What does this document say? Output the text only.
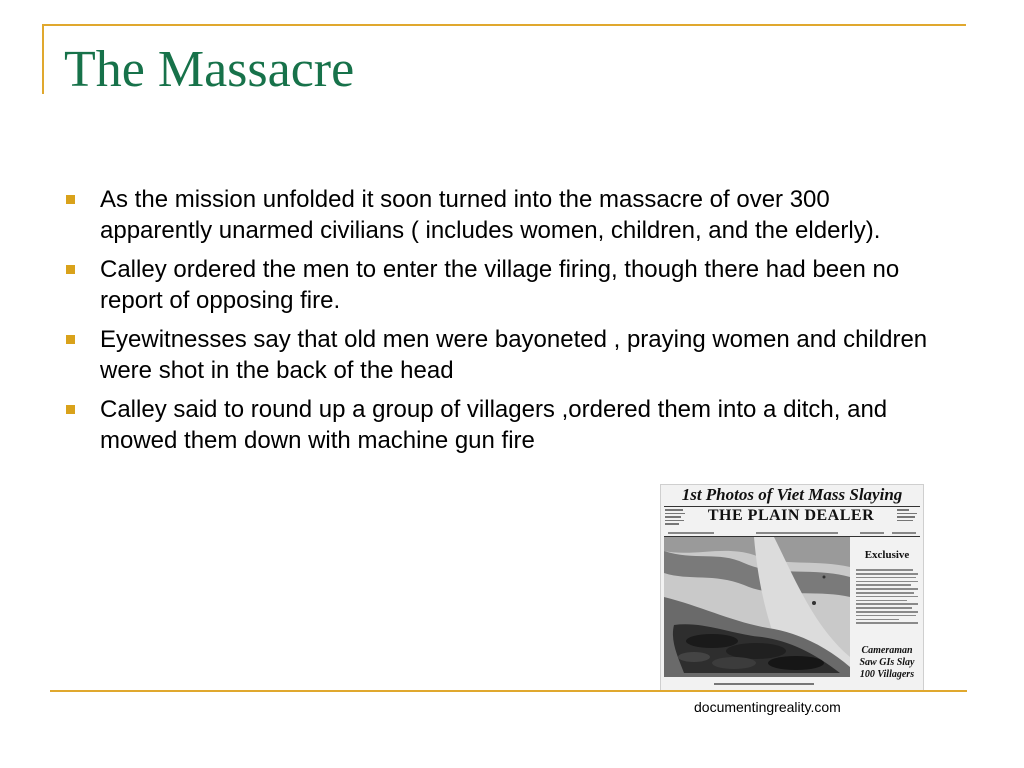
The Massacre
As the mission unfolded it soon turned into the massacre of over 300 apparently unarmed civilians ( includes women, children, and the elderly).
Calley ordered the men to enter the village firing, though there had been no report of opposing fire.
Eyewitnesses say that old men were bayoneted , praying women and children were shot in the back of the head
Calley said to round up a group of villagers ,ordered them into a ditch, and mowed them down with machine gun fire
1st Photos of Viet Mass Slaying
THE PLAIN DEALER
Exclusive
Cameraman Saw GIs Slay 100 Villagers
documentingreality.com
